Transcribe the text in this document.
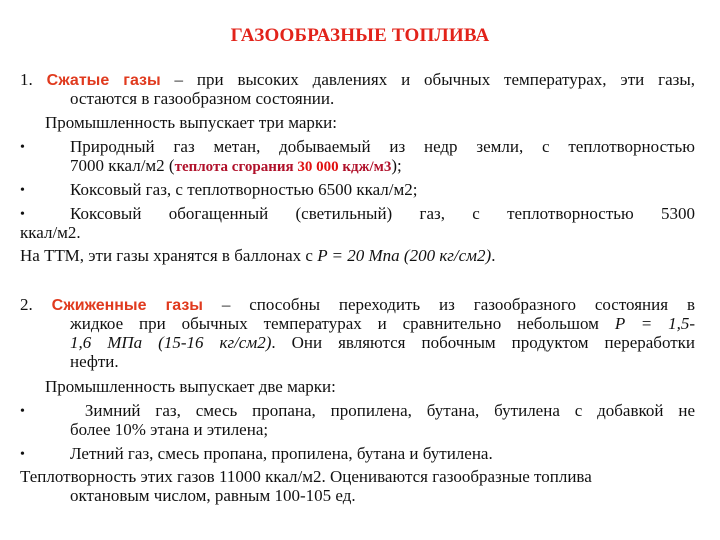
ГАЗООБРАЗНЫЕ ТОПЛИВА
1. Сжатые газы – при высоких давлениях и обычных температурах, эти газы,
остаются в газообразном состоянии.
Промышленность выпускает три марки:
•	Природный газ метан, добываемый из недр земли, с теплотворностью
7000 ккал/м2 (теплота сгорания 30 000 кдж/м3);
•	Коксовый газ, с теплотворностью 6500 ккал/м2;
•	Коксовый обогащенный (светильный) газ, с теплотворностью 5300
ккал/м2.
На ТТМ, эти газы хранятся в баллонах с P = 20 Мпа (200 кг/см2).
2. Сжиженные газы – способны переходить из газообразного состояния в
жидкое при обычных температурах и сравнительно небольшом P = 1,5-
1,6 МПа (15-16 кг/см2). Они являются побочным продуктом переработки
нефти.
Промышленность выпускает две марки:
•	Зимний газ, смесь пропана, пропилена, бутана, бутилена с добавкой не
более 10% этана и этилена;
•	Летний газ, смесь пропана, пропилена, бутана и бутилена.
Теплотворность этих газов 11000 ккал/м2. Оцениваются газообразные топлива
октановым числом, равным 100-105 ед.
